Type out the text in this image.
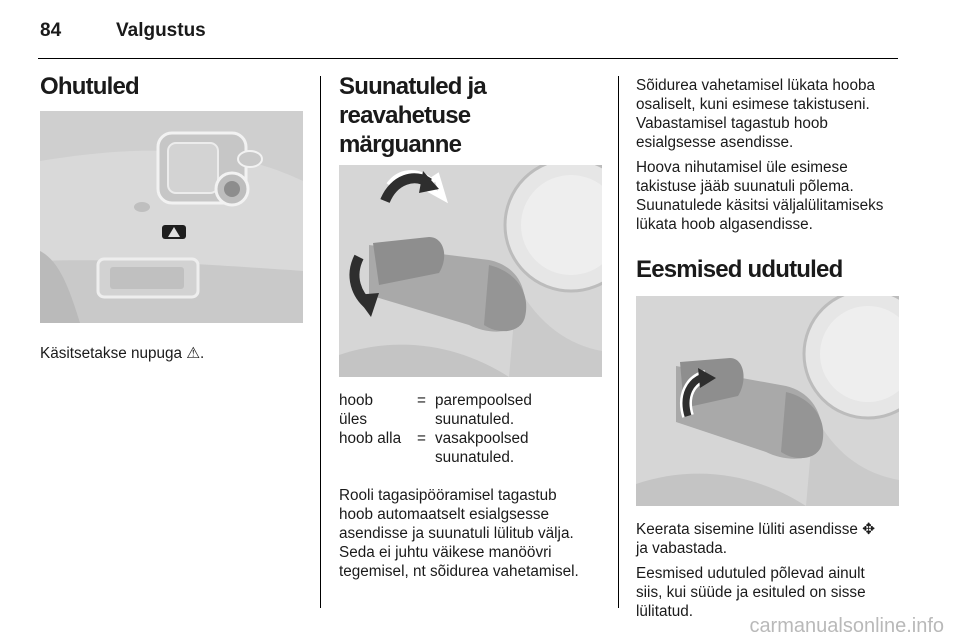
84	Valgustus
Ohutuled

Käsitsetakse nupuga ⚠.

Suunatuled ja reavahetuse
märguanne
hoob
üles	=	parempoolsed
suunatuled.
hoob alla	=	vasakpoolsed
suunatuled.

Rooli tagasipööramisel tagastub
hoob automaatselt esialgsesse
asendisse ja suunatuli lülitub välja.
Seda ei juhtu väikese manöövri
tegemisel, nt sõidurea vahetamisel.

Sõidurea vahetamisel lükata hooba
osaliselt, kuni esimese takistuseni.
Vabastamisel tagastub hoob
esialgsesse asendisse.

Hoova nihutamisel üle esimese
takistuse jääb suunatuli põlema.
Suunatulede käsitsi väljalülitamiseks
lükata hoob algasendisse.

Eesmised udutuled

Keerata sisemine lüliti asendisse ✥
ja vabastada.

Eesmised udutuled põlevad ainult
siis, kui süüde ja esituled on sisse
lülitatud.

carmanualsonline.info
